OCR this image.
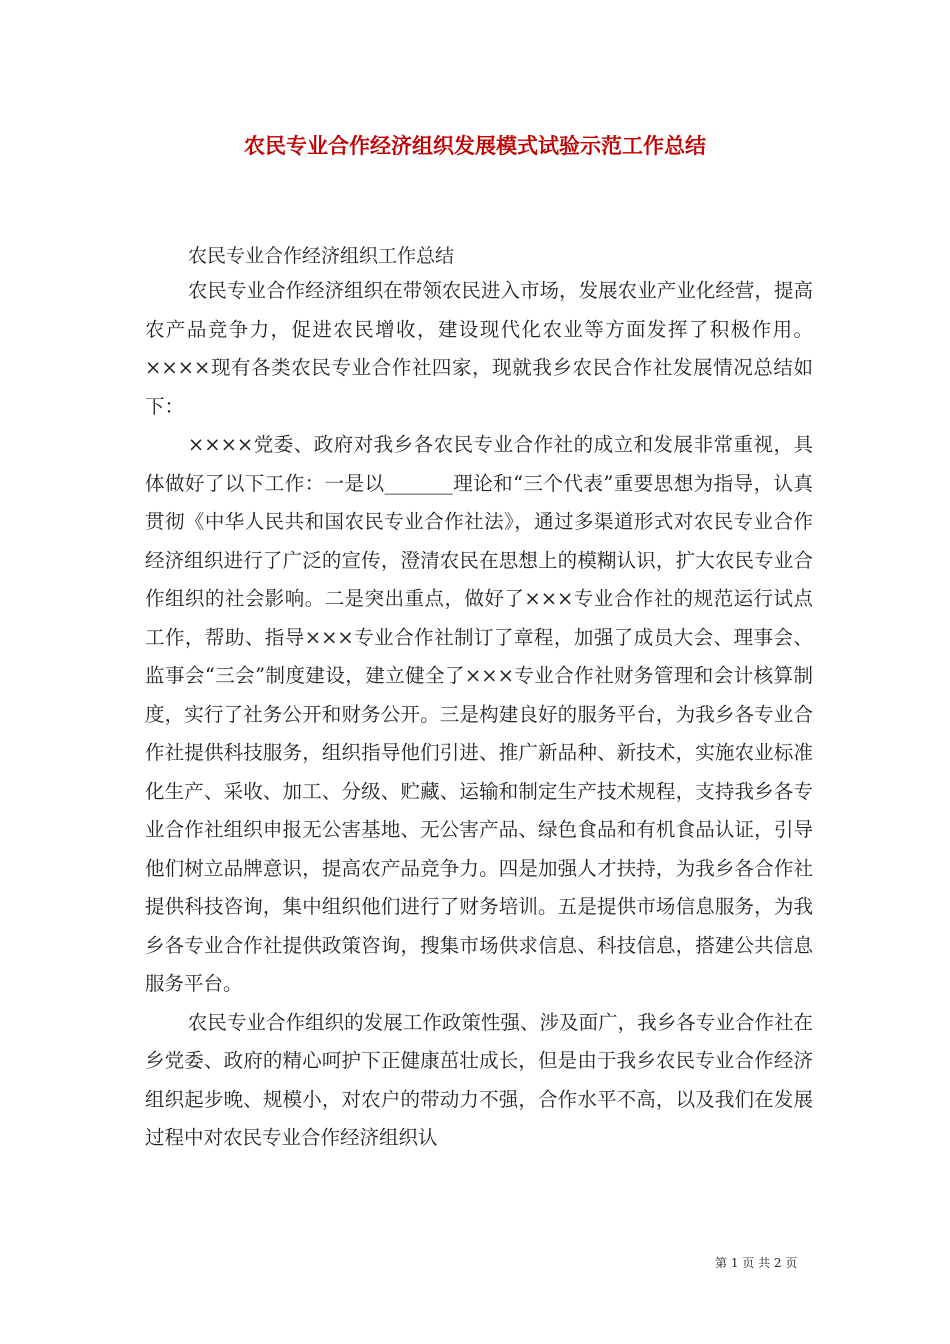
农民专业合作经济组织发展模式试验示范工作总结
农民专业合作经济组织工作总结

农民专业合作经济组织在带领农民进入市场，发展农业产业化经营，提高农产品竞争力，促进农民增收，建设现代化农业等方面发挥了积极作用。××××现有各类农民专业合作社四家，现就我乡农民合作社发展情况总结如下：

××××党委、政府对我乡各农民专业合作社的成立和发展非常重视，具体做好了以下工作：一是以_______理论和“三个代表”重要思想为指导，认真贯彻《中华人民共和国农民专业合作社法》，通过多渠道形式对农民专业合作经济组织进行了广泛的宣传，澄清农民在思想上的模糊认识，扩大农民专业合作组织的社会影响。二是突出重点，做好了×××专业合作社的规范运行试点工作，帮助、指导×××专业合作社制订了章程，加强了成员大会、理事会、监事会“三会”制度建设，建立健全了×××专业合作社财务管理和会计核算制度，实行了社务公开和财务公开。三是构建良好的服务平台，为我乡各专业合作社提供科技服务，组织指导他们引进、推广新品种、新技术，实施农业标准化生产、采收、加工、分级、贮藏、运输和制定生产技术规程，支持我乡各专业合作社组织申报无公害基地、无公害产品、绿色食品和有机食品认证，引导他们树立品牌意识，提高农产品竞争力。四是加强人才扶持，为我乡各合作社提供科技咨询，集中组织他们进行了财务培训。五是提供市场信息服务，为我乡各专业合作社提供政策咨询，搜集市场供求信息、科技信息，搭建公共信息服务平台。

农民专业合作组织的发展工作政策性强、涉及面广，我乡各专业合作社在乡党委、政府的精心呵护下正健康茁壮成长，但是由于我乡农民专业合作经济组织起步晚、规模小，对农户的带动力不强，合作水平不高，以及我们在发展过程中对农民专业合作经济组织认

第 1 页 共 2 页
